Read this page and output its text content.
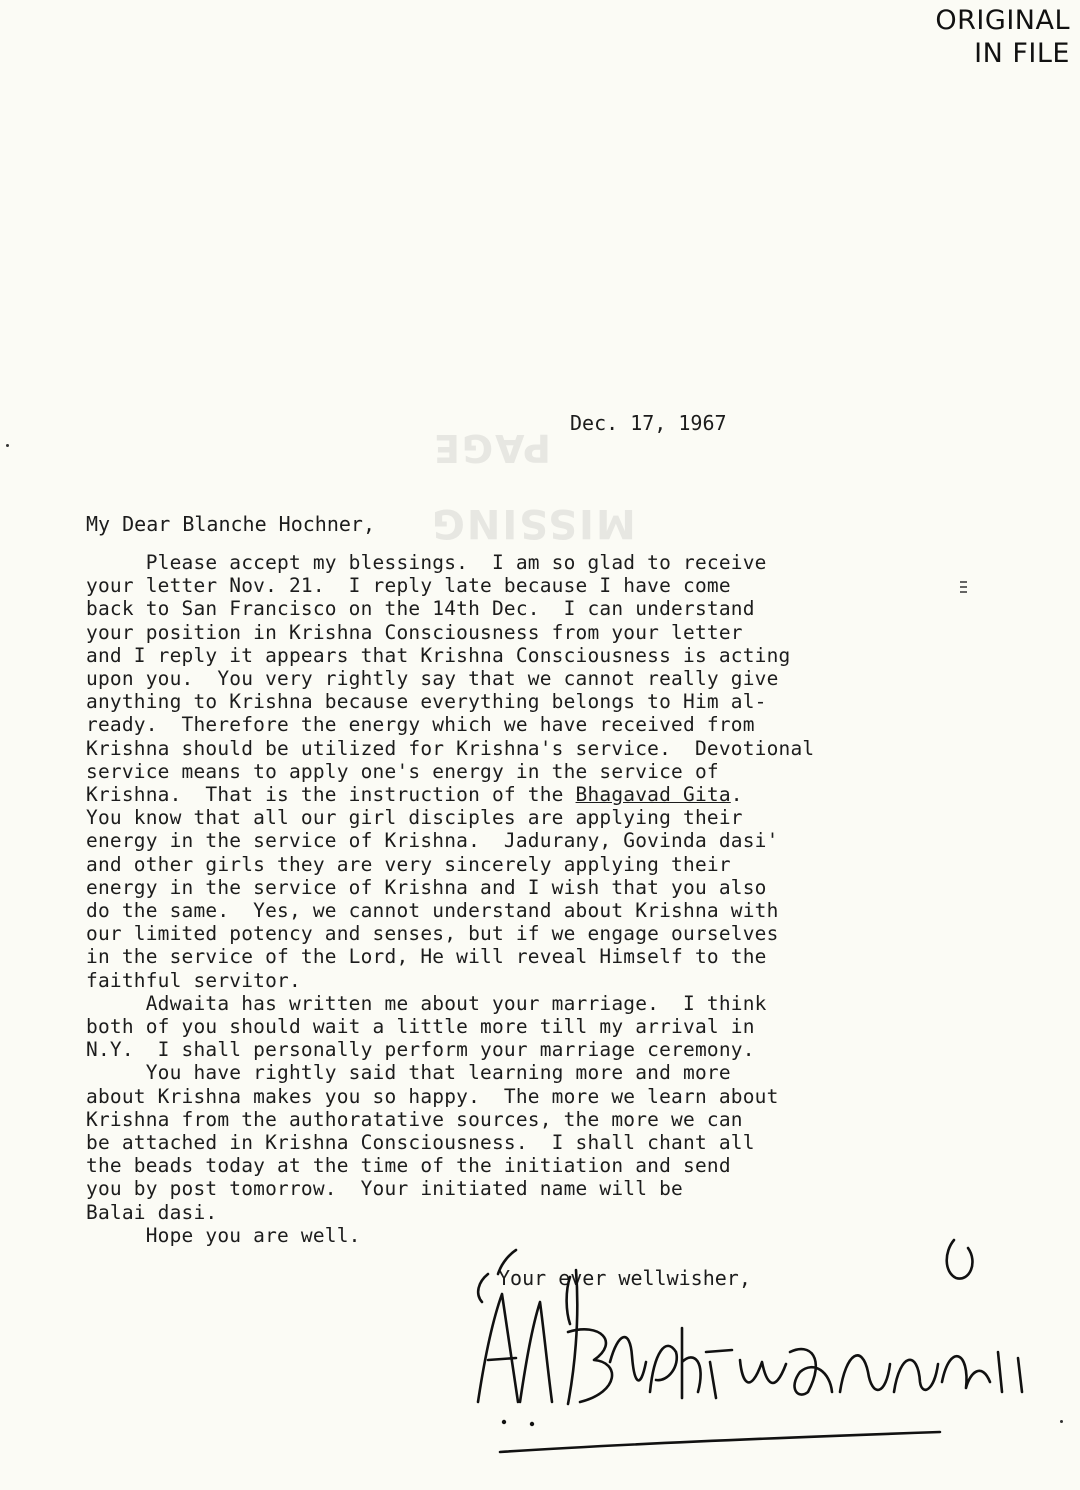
ORIGINAL
IN FILE
PAGE
MISSING
Dec. 17, 1967
My Dear Blanche Hochner,
Please accept my blessings.  I am so glad to receive
your letter Nov. 21.  I reply late because I have come
back to San Francisco on the 14th Dec.  I can understand
your position in Krishna Consciousness from your letter
and I reply it appears that Krishna Consciousness is acting
upon you.  You very rightly say that we cannot really give
anything to Krishna because everything belongs to Him al-
ready.  Therefore the energy which we have received from
Krishna should be utilized for Krishna's service.  Devotional
service means to apply one's energy in the service of
Krishna.  That is the instruction of the Bhagavad Gita.
You know that all our girl disciples are applying their
energy in the service of Krishna.  Jadurany, Govinda dasi'
and other girls they are very sincerely applying their
energy in the service of Krishna and I wish that you also
do the same.  Yes, we cannot understand about Krishna with
our limited potency and senses, but if we engage ourselves
in the service of the Lord, He will reveal Himself to the
faithful servitor.
Adwaita has written me about your marriage.  I think
both of you should wait a little more till my arrival in
N.Y.  I shall personally perform your marriage ceremony.
You have rightly said that learning more and more
about Krishna makes you so happy.  The more we learn about
Krishna from the authoratative sources, the more we can
be attached in Krishna Consciousness.  I shall chant all
the beads today at the time of the initiation and send
you by post tomorrow.  Your initiated name will be
Balai dasi.
Hope you are well.
Your ever wellwisher,
